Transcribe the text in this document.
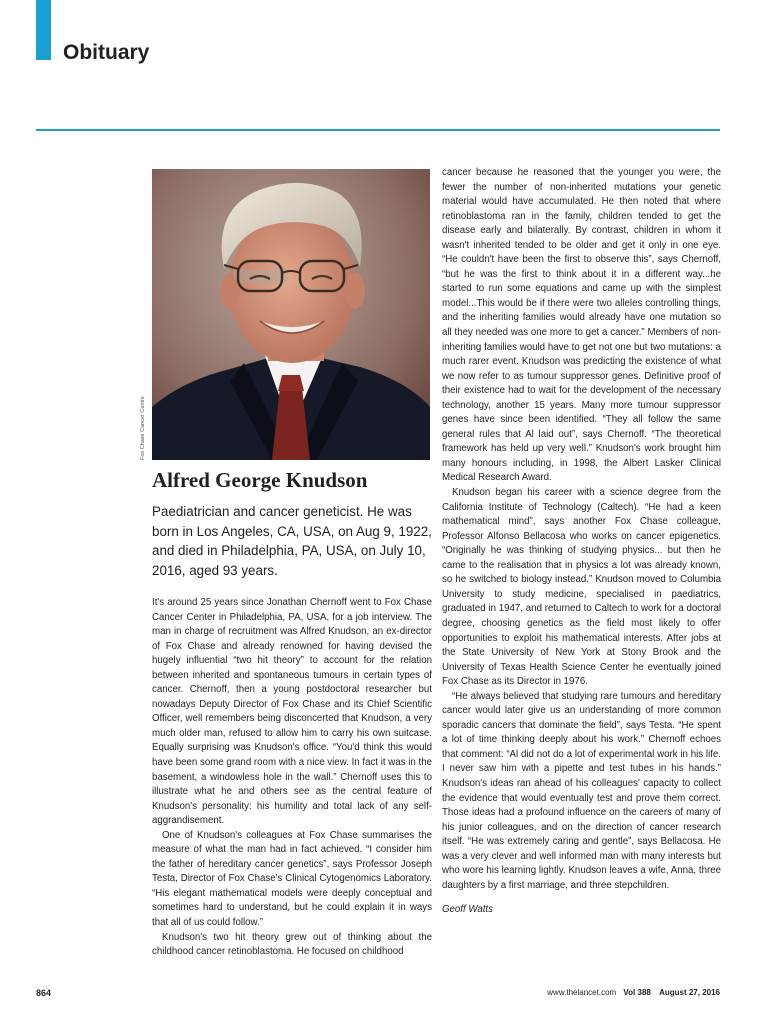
Obituary
Fox Chase Cancer Centre
Alfred George Knudson

Paediatrician and cancer geneticist. He was born in Los Angeles, CA, USA, on Aug 9, 1922, and died in Philadelphia, PA, USA, on July 10, 2016, aged 93 years.

It's around 25 years since Jonathan Chernoff went to Fox Chase Cancer Center in Philadelphia, PA, USA, for a job interview. The man in charge of recruitment was Alfred Knudson, an ex-director of Fox Chase and already renowned for having devised the hugely influential “two hit theory” to account for the relation between inherited and spontaneous tumours in certain types of cancer. Chernoff, then a young postdoctoral researcher but nowadays Deputy Director of Fox Chase and its Chief Scientific Officer, well remembers being disconcerted that Knudson, a very much older man, refused to allow him to carry his own suitcase. Equally surprising was Knudson's office. “You'd think this would have been some grand room with a nice view. In fact it was in the basement, a windowless hole in the wall.” Chernoff uses this to illustrate what he and others see as the central feature of Knudson's personality: his humility and total lack of any self-aggrandisement.

One of Knudson's colleagues at Fox Chase summarises the measure of what the man had in fact achieved. “I consider him the father of hereditary cancer genetics”, says Professor Joseph Testa, Director of Fox Chase's Clinical Cytogenomics Laboratory. “His elegant mathematical models were deeply conceptual and sometimes hard to understand, but he could explain it in ways that all of us could follow.”

Knudson's two hit theory grew out of thinking about the childhood cancer retinoblastoma. He focused on childhood

cancer because he reasoned that the younger you were, the fewer the number of non-inherited mutations your genetic material would have accumulated. He then noted that where retinoblastoma ran in the family, children tended to get the disease early and bilaterally. By contrast, children in whom it wasn't inherited tended to be older and get it only in one eye. “He couldn't have been the first to observe this”, says Chernoff, “but he was the first to think about it in a different way...he started to run some equations and came up with the simplest model...This would be if there were two alleles controlling things, and the inheriting families would already have one mutation so all they needed was one more to get a cancer.” Members of non-inheriting families would have to get not one but two mutations: a much rarer event. Knudson was predicting the existence of what we now refer to as tumour suppressor genes. Definitive proof of their existence had to wait for the development of the necessary technology, another 15 years. Many more tumour suppressor genes have since been identified. “They all follow the same general rules that Al laid out”, says Chernoff. “The theoretical framework has held up very well.” Knudson's work brought him many honours including, in 1998, the Albert Lasker Clinical Medical Research Award.

Knudson began his career with a science degree from the California Institute of Technology (Caltech). “He had a keen mathematical mind”, says another Fox Chase colleague, Professor Alfonso Bellacosa who works on cancer epigenetics. “Originally he was thinking of studying physics... but then he came to the realisation that in physics a lot was already known, so he switched to biology instead.” Knudson moved to Columbia University to study medicine, specialised in paediatrics, graduated in 1947, and returned to Caltech to work for a doctoral degree, choosing genetics as the field most likely to offer opportunities to exploit his mathematical interests. After jobs at the State University of New York at Stony Brook and the University of Texas Health Science Center he eventually joined Fox Chase as its Director in 1976.

“He always believed that studying rare tumours and hereditary cancer would later give us an understanding of more common sporadic cancers that dominate the field”, says Testa. “He spent a lot of time thinking deeply about his work.” Chernoff echoes that comment: “Al did not do a lot of experimental work in his life. I never saw him with a pipette and test tubes in his hands.” Knudson's ideas ran ahead of his colleagues' capacity to collect the evidence that would eventually test and prove them correct. Those ideas had a profound influence on the careers of many of his junior colleagues, and on the direction of cancer research itself. “He was extremely caring and gentle”, says Bellacosa. He was a very clever and well informed man with many interests but who wore his learning lightly. Knudson leaves a wife, Anna, three daughters by a first marriage, and three stepchildren.

Geoff Watts

864	www.thelancet.com Vol 388 August 27, 2016
